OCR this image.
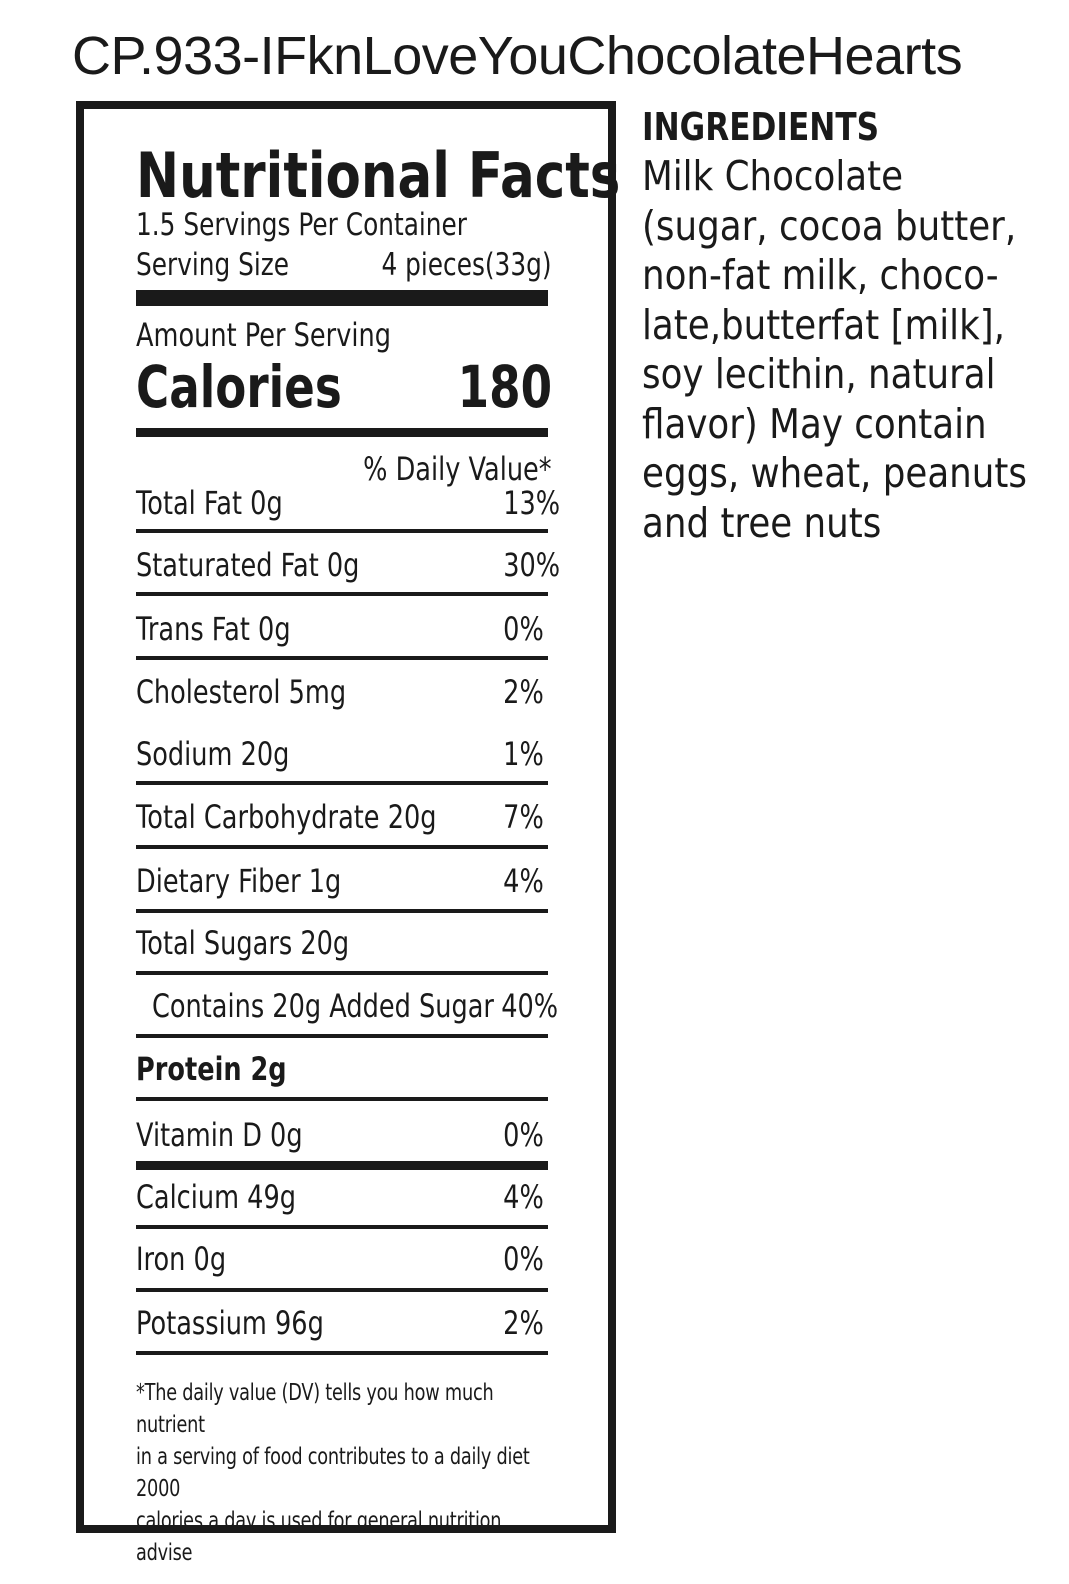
CP.933-IFknLoveYouChocolateHearts
Nutritional Facts
1.5 Servings Per Container
Serving Size	4 pieces(33g)
Amount Per Serving
Calories 180
% Daily Value*
Total Fat 0g	13%
Staturated Fat 0g	30%
Trans Fat 0g	0%
Cholesterol 5mg	2%
Sodium 20g	1%
Total Carbohydrate 20g 7%
Dietary Fiber 1g	4%
Total Sugars 20g
Contains 20g Added Sugar 40%
Protein 2g
Vitamin D 0g	0%
Calcium 49g	4%
Iron 0g	0%
Potassium 96g	2%
*The daily value (DV) tells you how much nutrient
in a serving of food contributes to a daily diet 2000
calories a day is used for general nutrition advise
INGREDIENTS
Milk Chocolate
(sugar, cocoa butter,
non-fat milk, choco-
late,butterfat [milk],
soy lecithin, natural
flavor) May contain
eggs, wheat, peanuts
and tree nuts
